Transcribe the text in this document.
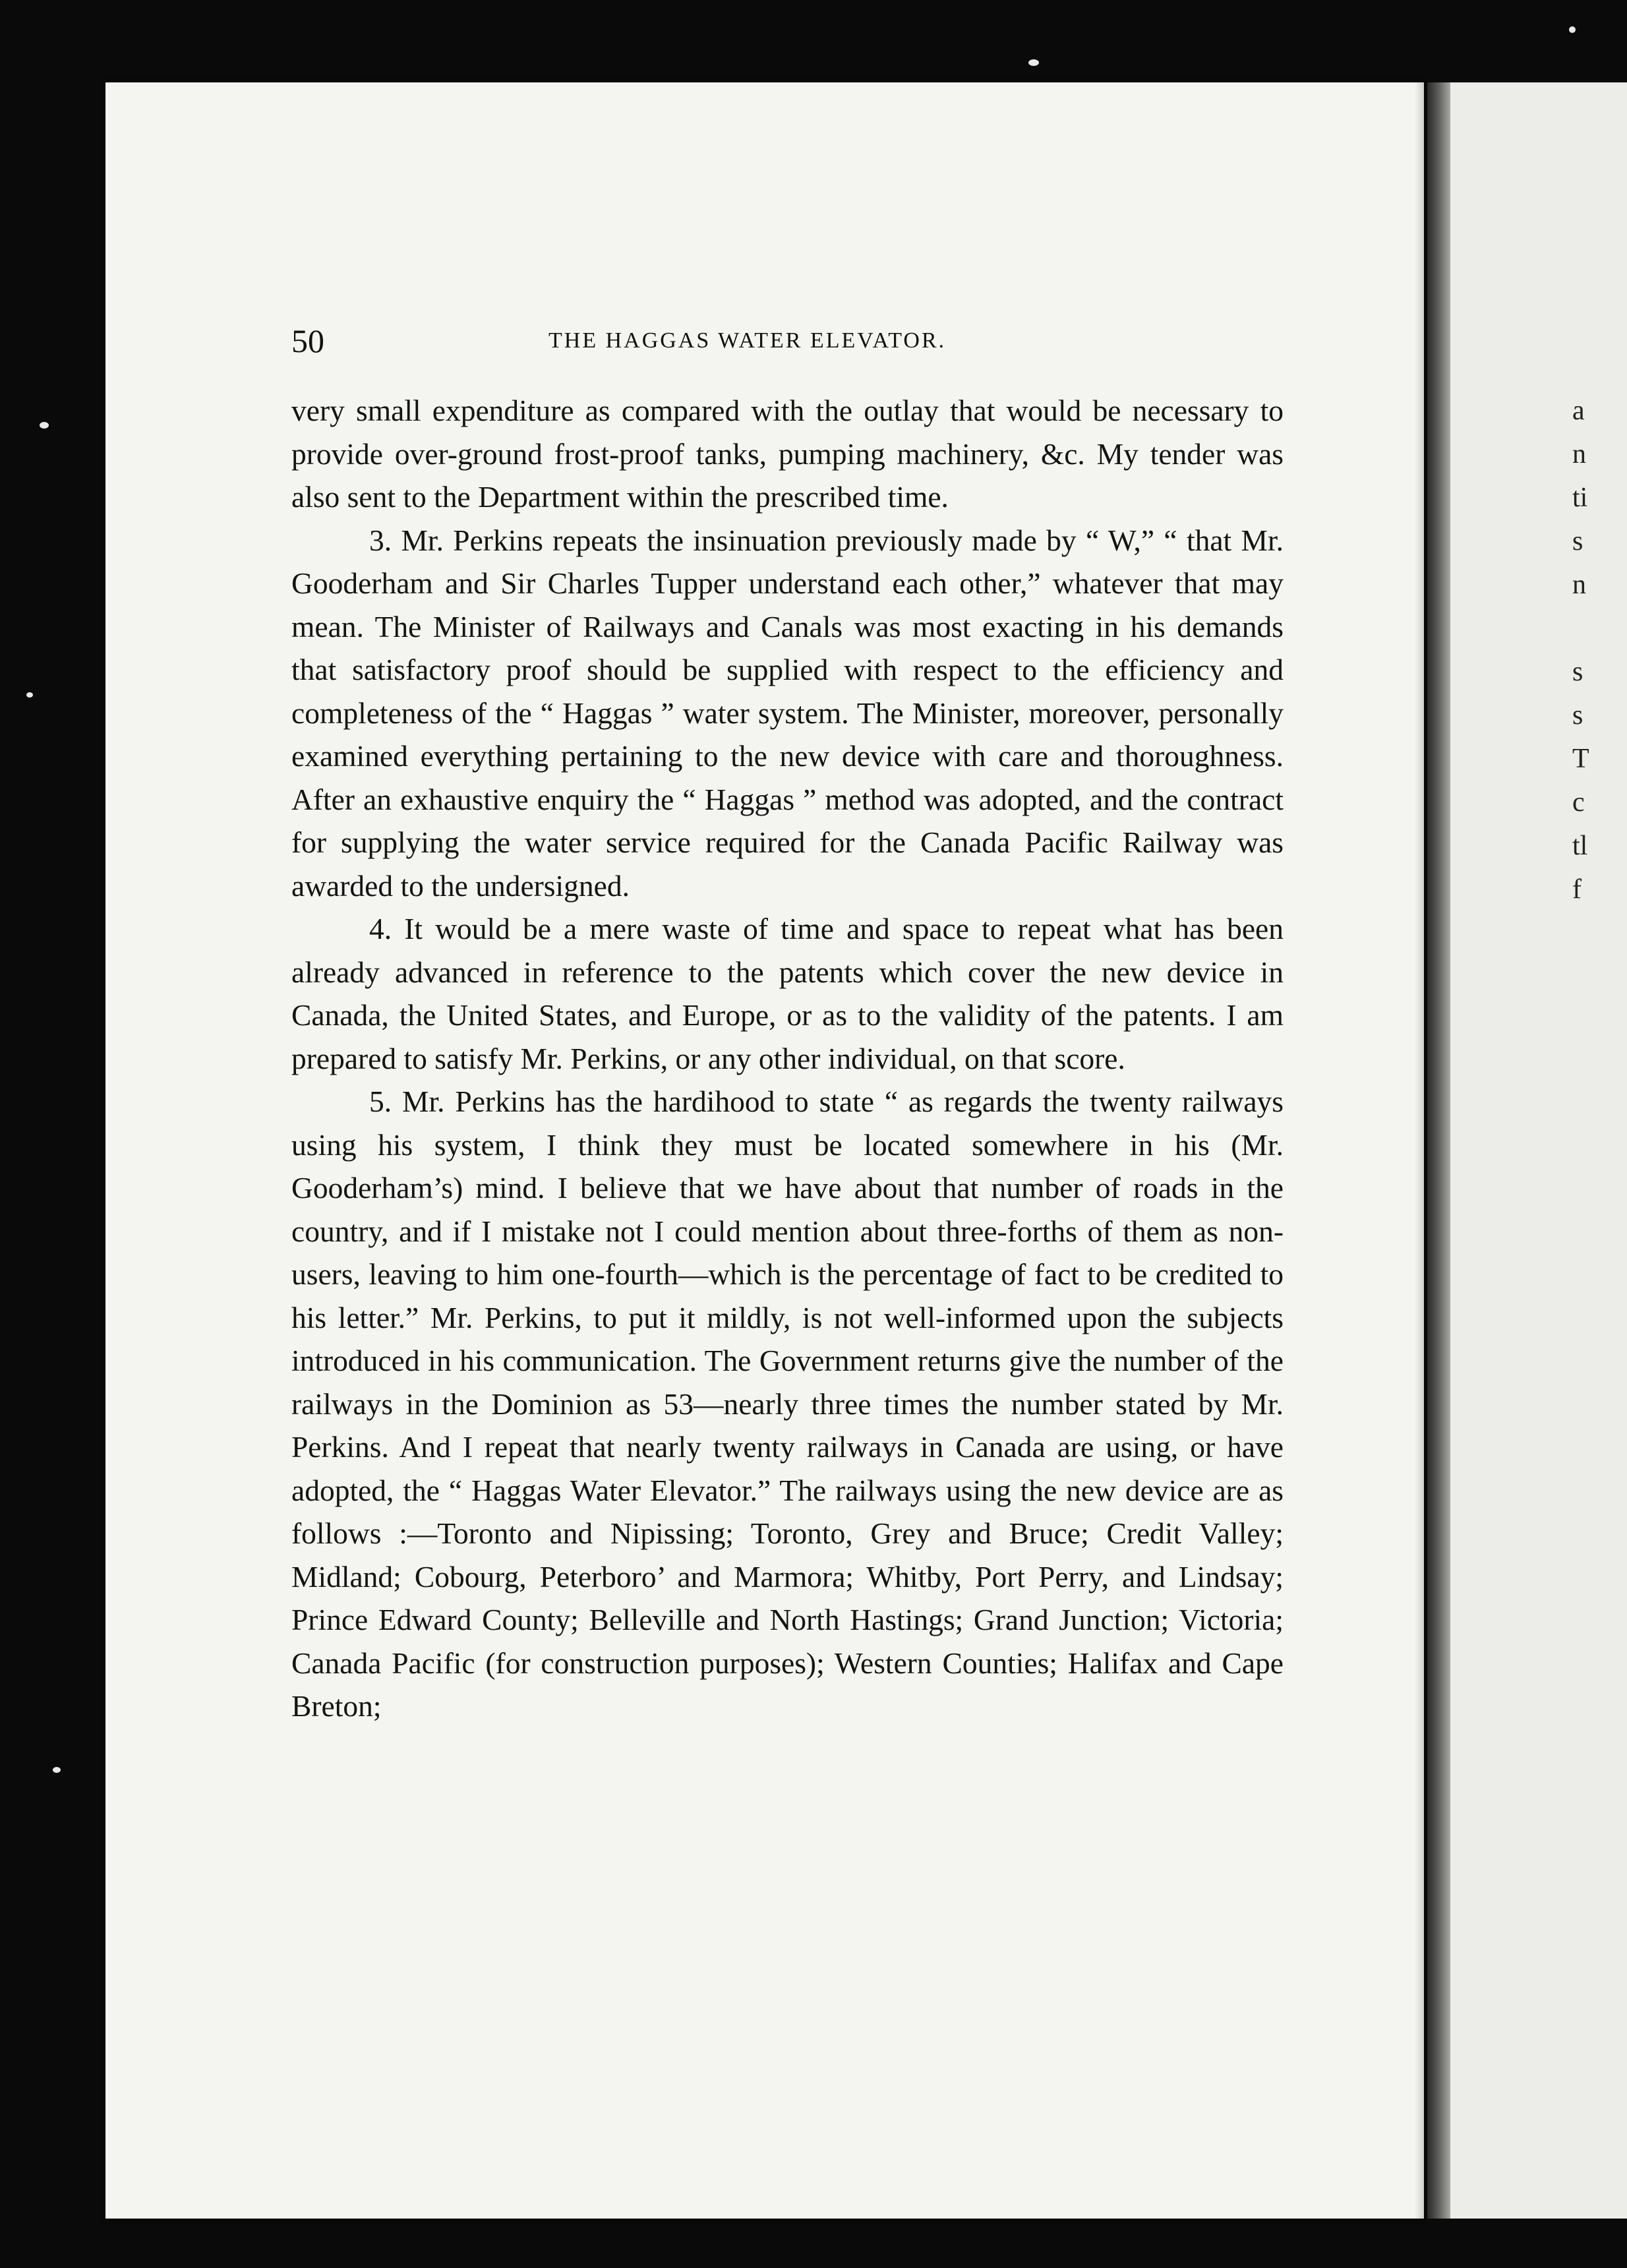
50	THE HAGGAS WATER ELEVATOR.

very small expenditure as compared with the outlay that would be necessary to provide over-ground frost-proof tanks, pumping machinery, &c. My tender was also sent to the Department within the prescribed time.

3. Mr. Perkins repeats the insinuation previously made by “ W,” “ that Mr. Gooderham and Sir Charles Tupper understand each other,” whatever that may mean. The Minister of Railways and Canals was most exacting in his demands that satisfactory proof should be supplied with respect to the efficiency and completeness of the “ Haggas ” water system. The Minister, moreover, personally examined everything pertaining to the new device with care and thoroughness. After an exhaustive enquiry the “ Haggas ” method was adopted, and the contract for supplying the water service required for the Canada Pacific Railway was awarded to the undersigned.

4. It would be a mere waste of time and space to repeat what has been already advanced in reference to the patents which cover the new device in Canada, the United States, and Europe, or as to the validity of the patents. I am prepared to satisfy Mr. Perkins, or any other individual, on that score.

5. Mr. Perkins has the hardihood to state “ as regards the twenty railways using his system, I think they must be located somewhere in his (Mr. Gooderham’s) mind. I believe that we have about that number of roads in the country, and if I mistake not I could mention about three-forths of them as non-users, leaving to him one-fourth—which is the percentage of fact to be credited to his letter.” Mr. Perkins, to put it mildly, is not well-informed upon the subjects introduced in his communication. The Government returns give the number of the railways in the Dominion as 53—nearly three times the number stated by Mr. Perkins. And I repeat that nearly twenty railways in Canada are using, or have adopted, the “ Haggas Water Elevator.” The railways using the new device are as follows :—Toronto and Nipissing; Toronto, Grey and Bruce; Credit Valley; Midland; Cobourg, Peterboro’ and Marmora; Whitby, Port Perry, and Lindsay; Prince Edward County; Belleville and North Hastings; Grand Junction; Victoria; Canada Pacific (for construction purposes); Western Counties; Halifax and Cape Breton;

a
n
ti
s
n
s
s
T
c
tl
f
